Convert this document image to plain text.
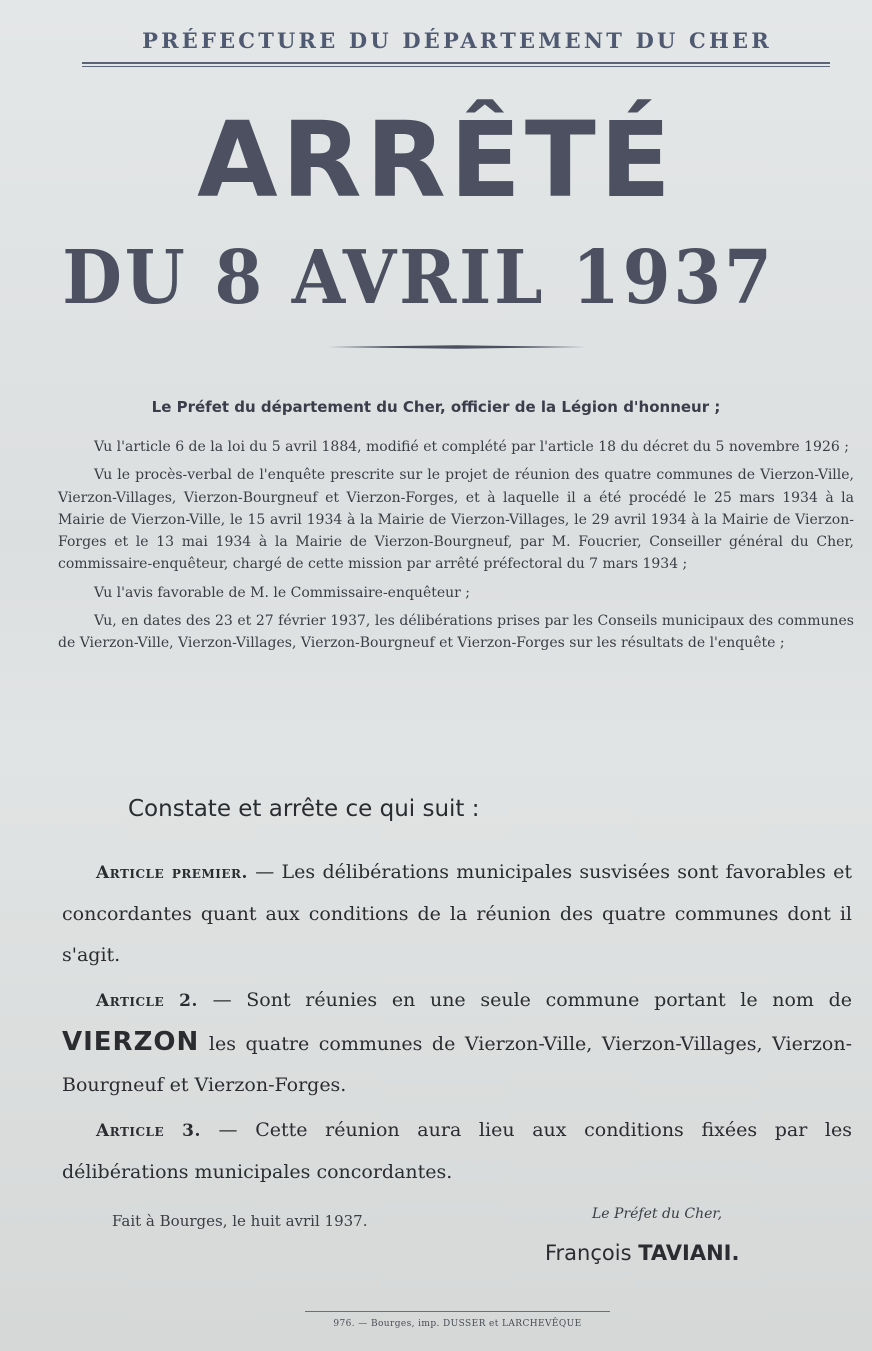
PRÉFECTURE DU DÉPARTEMENT DU CHER
ARRÊTÉ
DU 8 AVRIL 1937
Le Préfet du département du Cher, officier de la Légion d'honneur ;

Vu l'article 6 de la loi du 5 avril 1884, modifié et complété par l'article 18 du décret du 5 novembre 1926 ;

Vu le procès-verbal de l'enquête prescrite sur le projet de réunion des quatre communes de Vierzon-Ville, Vierzon-Villages, Vierzon-Bourgneuf et Vierzon-Forges, et à laquelle il a été procédé le 25 mars 1934 à la Mairie de Vierzon-Ville, le 15 avril 1934 à la Mairie de Vierzon-Villages, le 29 avril 1934 à la Mairie de Vierzon-Forges et le 13 mai 1934 à la Mairie de Vierzon-Bourgneuf, par M. Foucrier, Conseiller général du Cher, commissaire-enquêteur, chargé de cette mission par arrêté préfectoral du 7 mars 1934 ;

Vu l'avis favorable de M. le Commissaire-enquêteur ;

Vu, en dates des 23 et 27 février 1937, les délibérations prises par les Conseils municipaux des communes de Vierzon-Ville, Vierzon-Villages, Vierzon-Bourgneuf et Vierzon-Forges sur les résultats de l'enquête ;

Constate et arrête ce qui suit :

Article premier. — Les délibérations municipales susvisées sont favorables et concordantes quant aux conditions de la réunion des quatre communes dont il s'agit.

Article 2. — Sont réunies en une seule commune portant le nom de VIERZON les quatre communes de Vierzon-Ville, Vierzon-Villages, Vierzon-Bourgneuf et Vierzon-Forges.

Article 3. — Cette réunion aura lieu aux conditions fixées par les délibérations municipales concordantes.

Fait à Bourges, le huit avril 1937.	Le Préfet du Cher,
François TAVIANI.
976. — Bourges, imp. DUSSER et LARCHEVÊQUE
